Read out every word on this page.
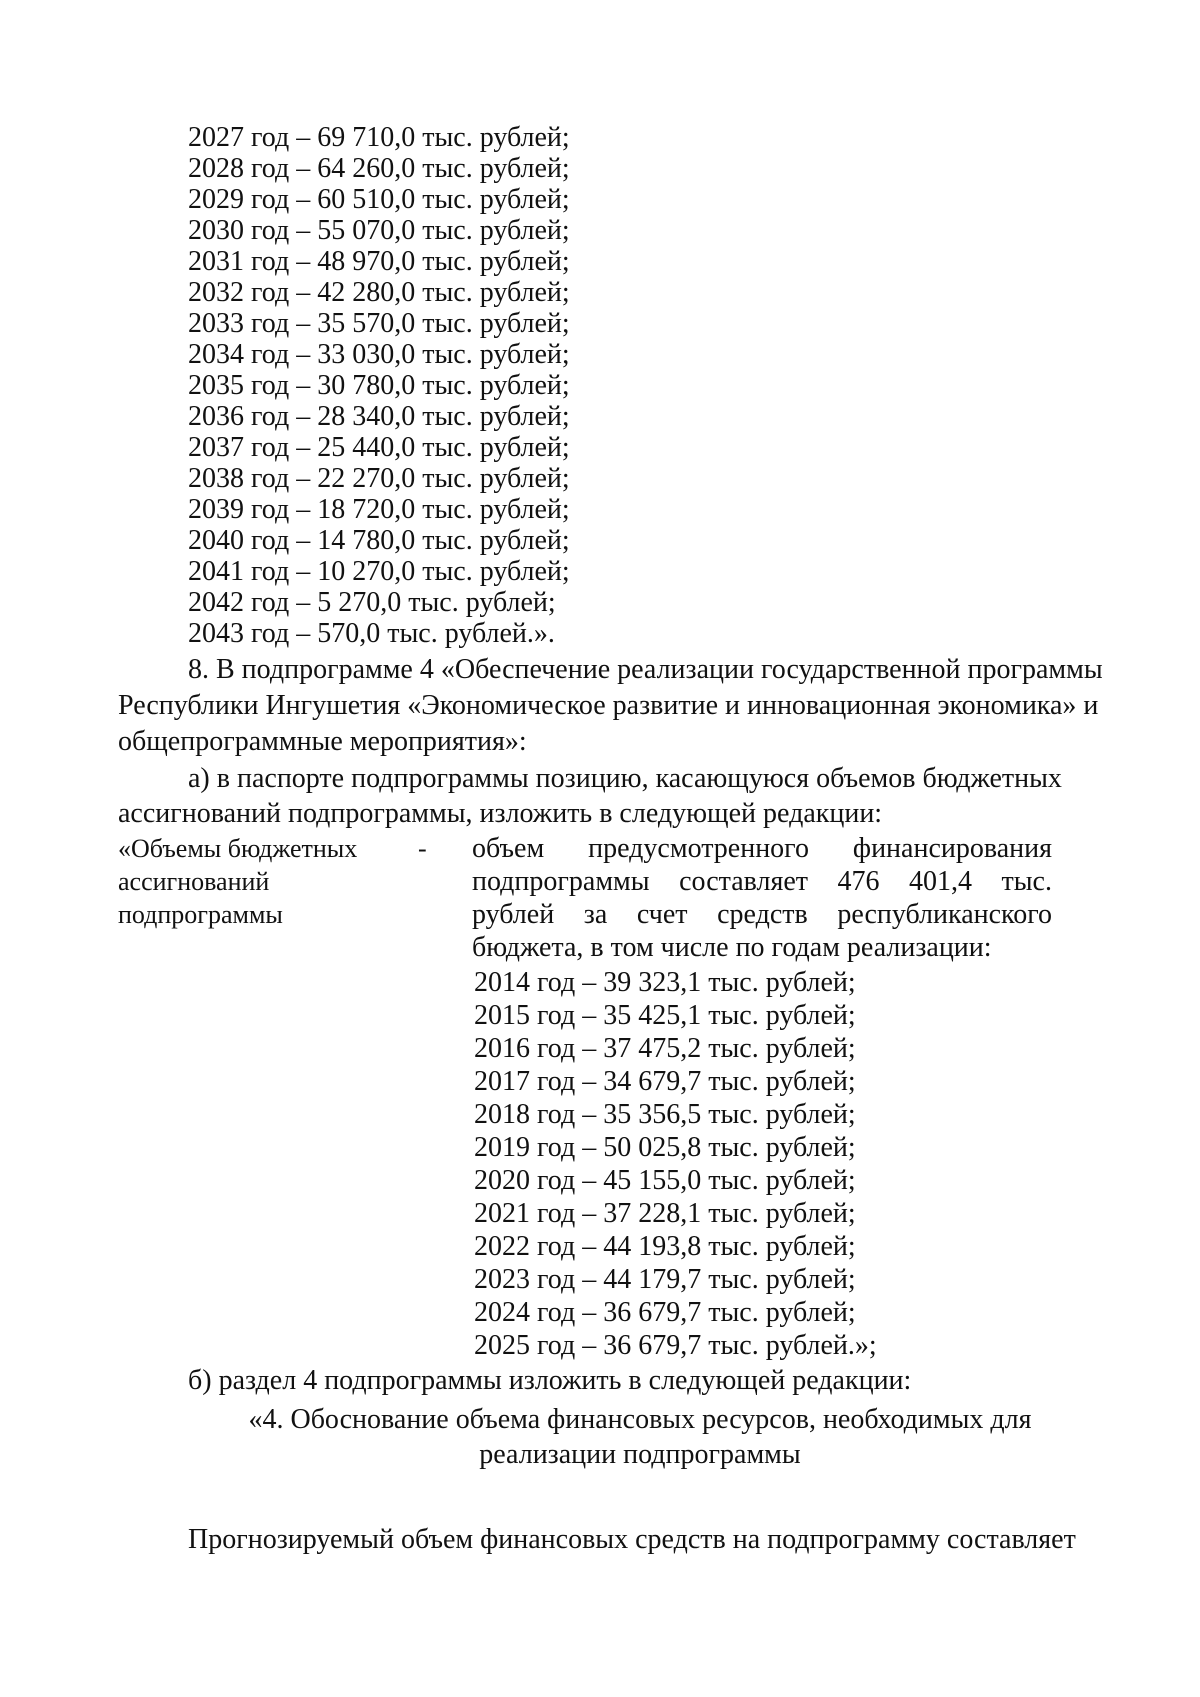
2027 год – 69 710,0 тыс. рублей;
2028 год – 64 260,0 тыс. рублей;
2029 год – 60 510,0 тыс. рублей;
2030 год – 55 070,0 тыс. рублей;
2031 год – 48 970,0 тыс. рублей;
2032 год – 42 280,0 тыс. рублей;
2033 год – 35 570,0 тыс. рублей;
2034 год – 33 030,0 тыс. рублей;
2035 год – 30 780,0 тыс. рублей;
2036 год – 28 340,0 тыс. рублей;
2037 год – 25 440,0 тыс. рублей;
2038 год – 22 270,0 тыс. рублей;
2039 год – 18 720,0 тыс. рублей;
2040 год – 14 780,0 тыс. рублей;
2041 год – 10 270,0 тыс. рублей;
2042 год – 5 270,0 тыс. рублей;
2043 год – 570,0 тыс. рублей.».
8. В подпрограмме 4 «Обеспечение реализации государственной программы
Республики Ингушетия «Экономическое развитие и инновационная экономика» и
общепрограммные мероприятия»:
а) в паспорте подпрограммы позицию, касающуюся объемов бюджетных
ассигнований подпрограммы, изложить в следующей редакции:
«Объемы бюджетных
ассигнований
подпрограммы
- объем предусмотренного финансирования
подпрограммы составляет 476 401,4 тыс.
рублей за счет средств республиканского
бюджета, в том числе по годам реализации:
2014 год – 39 323,1 тыс. рублей;
2015 год – 35 425,1 тыс. рублей;
2016 год – 37 475,2 тыс. рублей;
2017 год – 34 679,7 тыс. рублей;
2018 год – 35 356,5 тыс. рублей;
2019 год – 50 025,8 тыс. рублей;
2020 год – 45 155,0 тыс. рублей;
2021 год – 37 228,1 тыс. рублей;
2022 год – 44 193,8 тыс. рублей;
2023 год – 44 179,7 тыс. рублей;
2024 год – 36 679,7 тыс. рублей;
2025 год – 36 679,7 тыс. рублей.»;
б) раздел 4 подпрограммы изложить в следующей редакции:
«4. Обоснование объема финансовых ресурсов, необходимых для
реализации подпрограммы
Прогнозируемый объем финансовых средств на подпрограмму составляет
